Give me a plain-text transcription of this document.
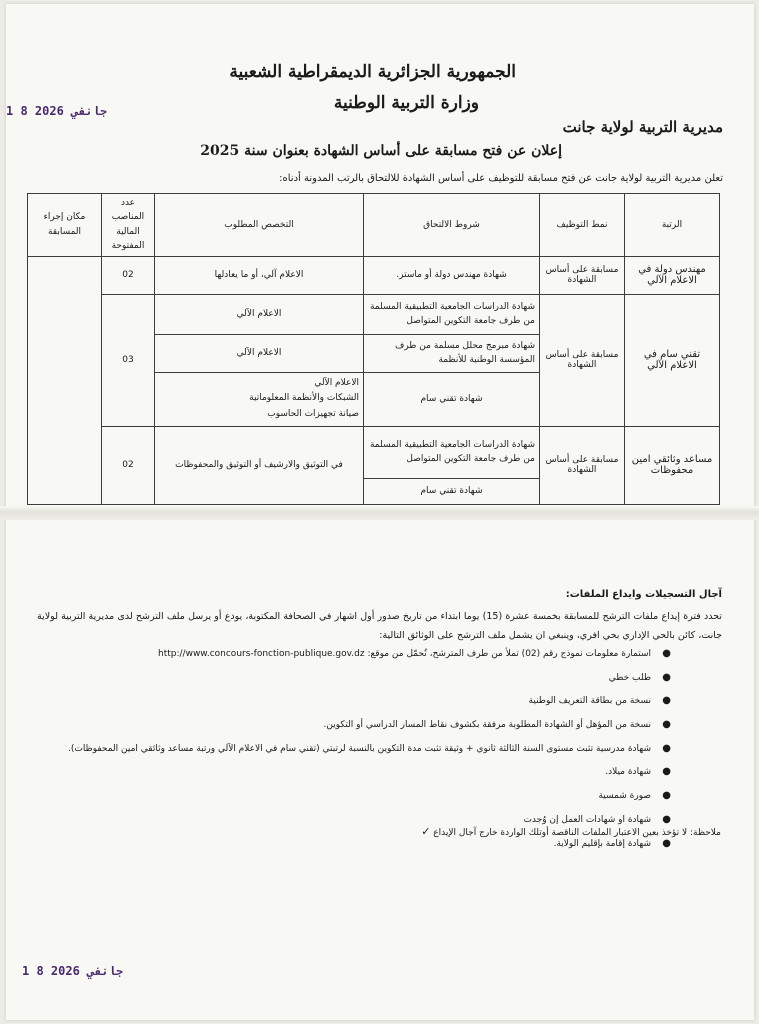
الجمهورية الجزائرية الديمقراطية الشعبية
وزارة التربية الوطنية
1 8 جانفي 2026
مديرية التربية لولاية جانت
إعلان عن فتح مسابقة على أساس الشهادة بعنوان سنة 2025
تعلن مديرية التربية لولاية جانت عن فتح مسابقة للتوظيف على أساس الشهادة للالتحاق بالرتب المدونة أدناه:
الرتبة	نمط التوظيف	شروط الالتحاق	التخصص المطلوب	عدد المناصب المالية المفتوحة	مكان إجراء المسابقة
مهندس دولة في الاعلام الآلي	مسابقة على أساس الشهادة	شهادة مهندس دولة أو ماستر.	الاعلام آلي، أو ما يعادلها	02	
تقني سام في الاعلام الآلي	مسابقة على أساس الشهادة	شهادة الدراسات الجامعية التطبيقية المسلمة من طرف جامعة التكوين المتواصل	الاعلام الآلي	03	
		شهادة مبرمج محلل مسلمة من طرف المؤسسة الوطنية للأنظمة	الاعلام الآلي		
		شهادة تقني سام	الاعلام الآلي
الشبكات والأنظمة المعلوماتية
صيانة تجهيزات الحاسوب		

مساعد وثائقي امين محفوظات	مسابقة على أساس الشهادة	شهادة الدراسات الجامعية التطبيقية المسلمة من طرف جامعة التكوين المتواصل	في التوثيق والارشيف أو التوثيق والمحفوظات	02	
		شهادة تقني سام			
آجال التسجيلات وايداع الملفات:
تحدد فترة إيداع ملفات الترشح للمسابقة بخمسة عشرة (15) يوما ابتداء من تاريخ صدور أول اشهار في الصحافة المكتوبة، يودع أو يرسل ملف الترشح لدى مديرية التربية لولاية جانت، كائن بالحي الإداري بحي افري، وينبغي ان يشمل ملف الترشح على الوثائق التالية:
●
استمارة معلومات نموذج رقم (02) تملأ من طرف المترشح، تُحمّل من موقع: http://www.concours-fonction-publique.gov.dz
●
طلب خطي
●
نسخة من بطاقة التعريف الوطنية
●
نسخة من المؤهل أو الشهادة المطلوبة مرفقة بكشوف نقاط المسار الدراسي أو التكوين.
●
شهادة مدرسية تثبت مستوى السنة الثالثة ثانوي + وثيقة تثبت مدة التكوين بالنسبة لرتبتي (تقني سام في الاعلام الآلي ورتبة مساعد وثائقي امين المحفوظات).
●
شهادة ميلاد.
●
صورة شمسية
●
شهادة او شهادات العمل إن وُجدت
●
شهادة إقامة بإقليم الولاية.
ملاحظة: لا تؤخذ بعين الاعتبار الملفات الناقصة أوتلك الواردة خارج آجال الإيداع ✓
1 8 جانفي 2026
